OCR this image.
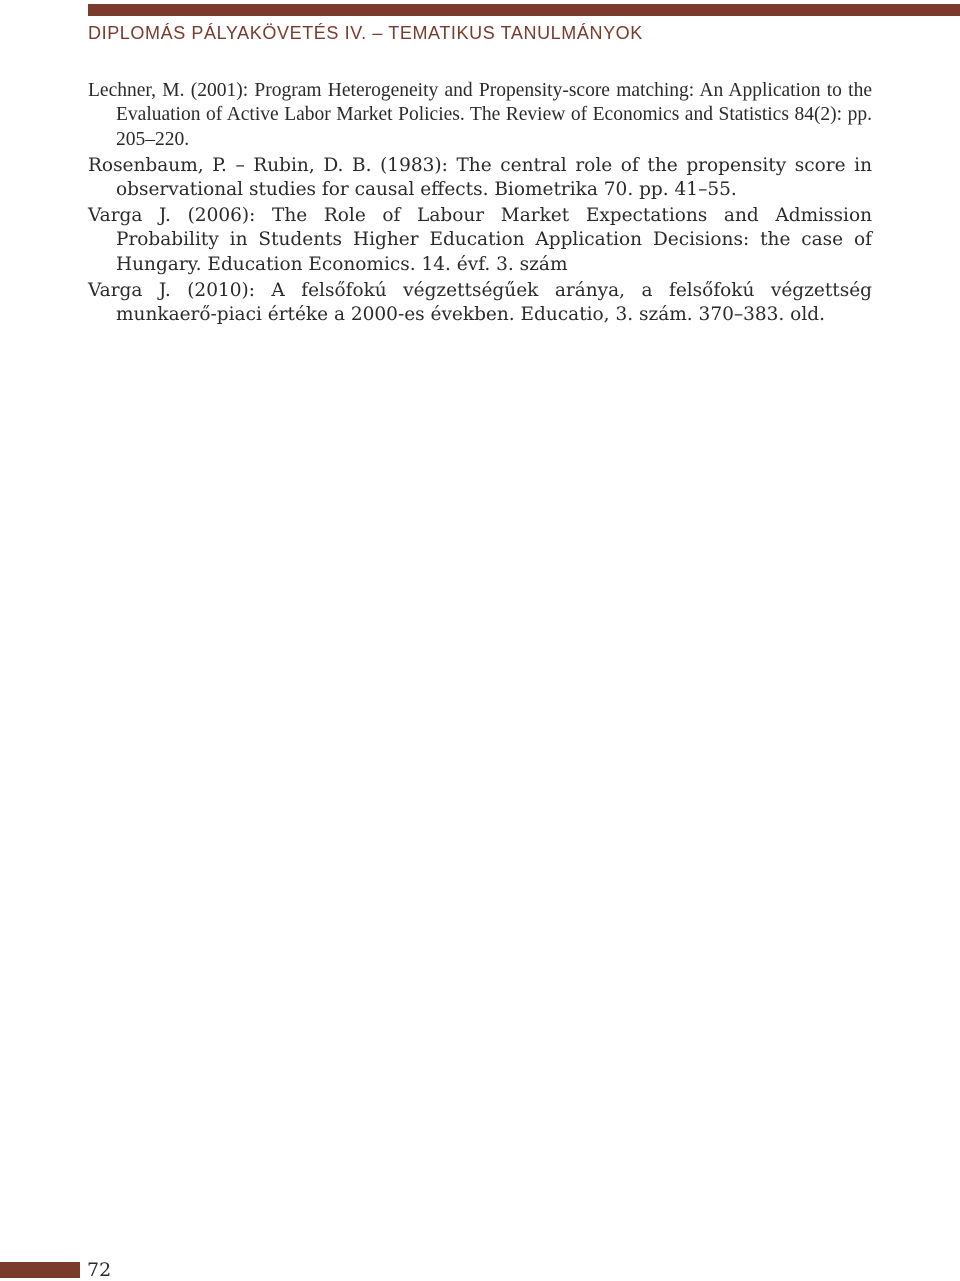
DIPLOMÁS PÁLYAKÖVETÉS IV. – TEMATIKUS TANULMÁNYOK
Lechner, M. (2001): Program Heterogeneity and Propensity-score matching: An Application to the Evaluation of Active Labor Market Policies. The Review of Economics and Statistics 84(2): pp. 205–220.
Rosenbaum, P. – Rubin, D. B. (1983): The central role of the propensity score in observational studies for causal effects. Biometrika 70. pp. 41–55.
Varga J. (2006): The Role of Labour Market Expectations and Admission Probability in Students Higher Education Application Decisions: the case of Hungary. Education Economics. 14. évf. 3. szám
Varga J. (2010): A felsőfokú végzettségűek aránya, a felsőfokú végzettség munkaerő-piaci értéke a 2000-es években. Educatio, 3. szám. 370–383. old.
72
